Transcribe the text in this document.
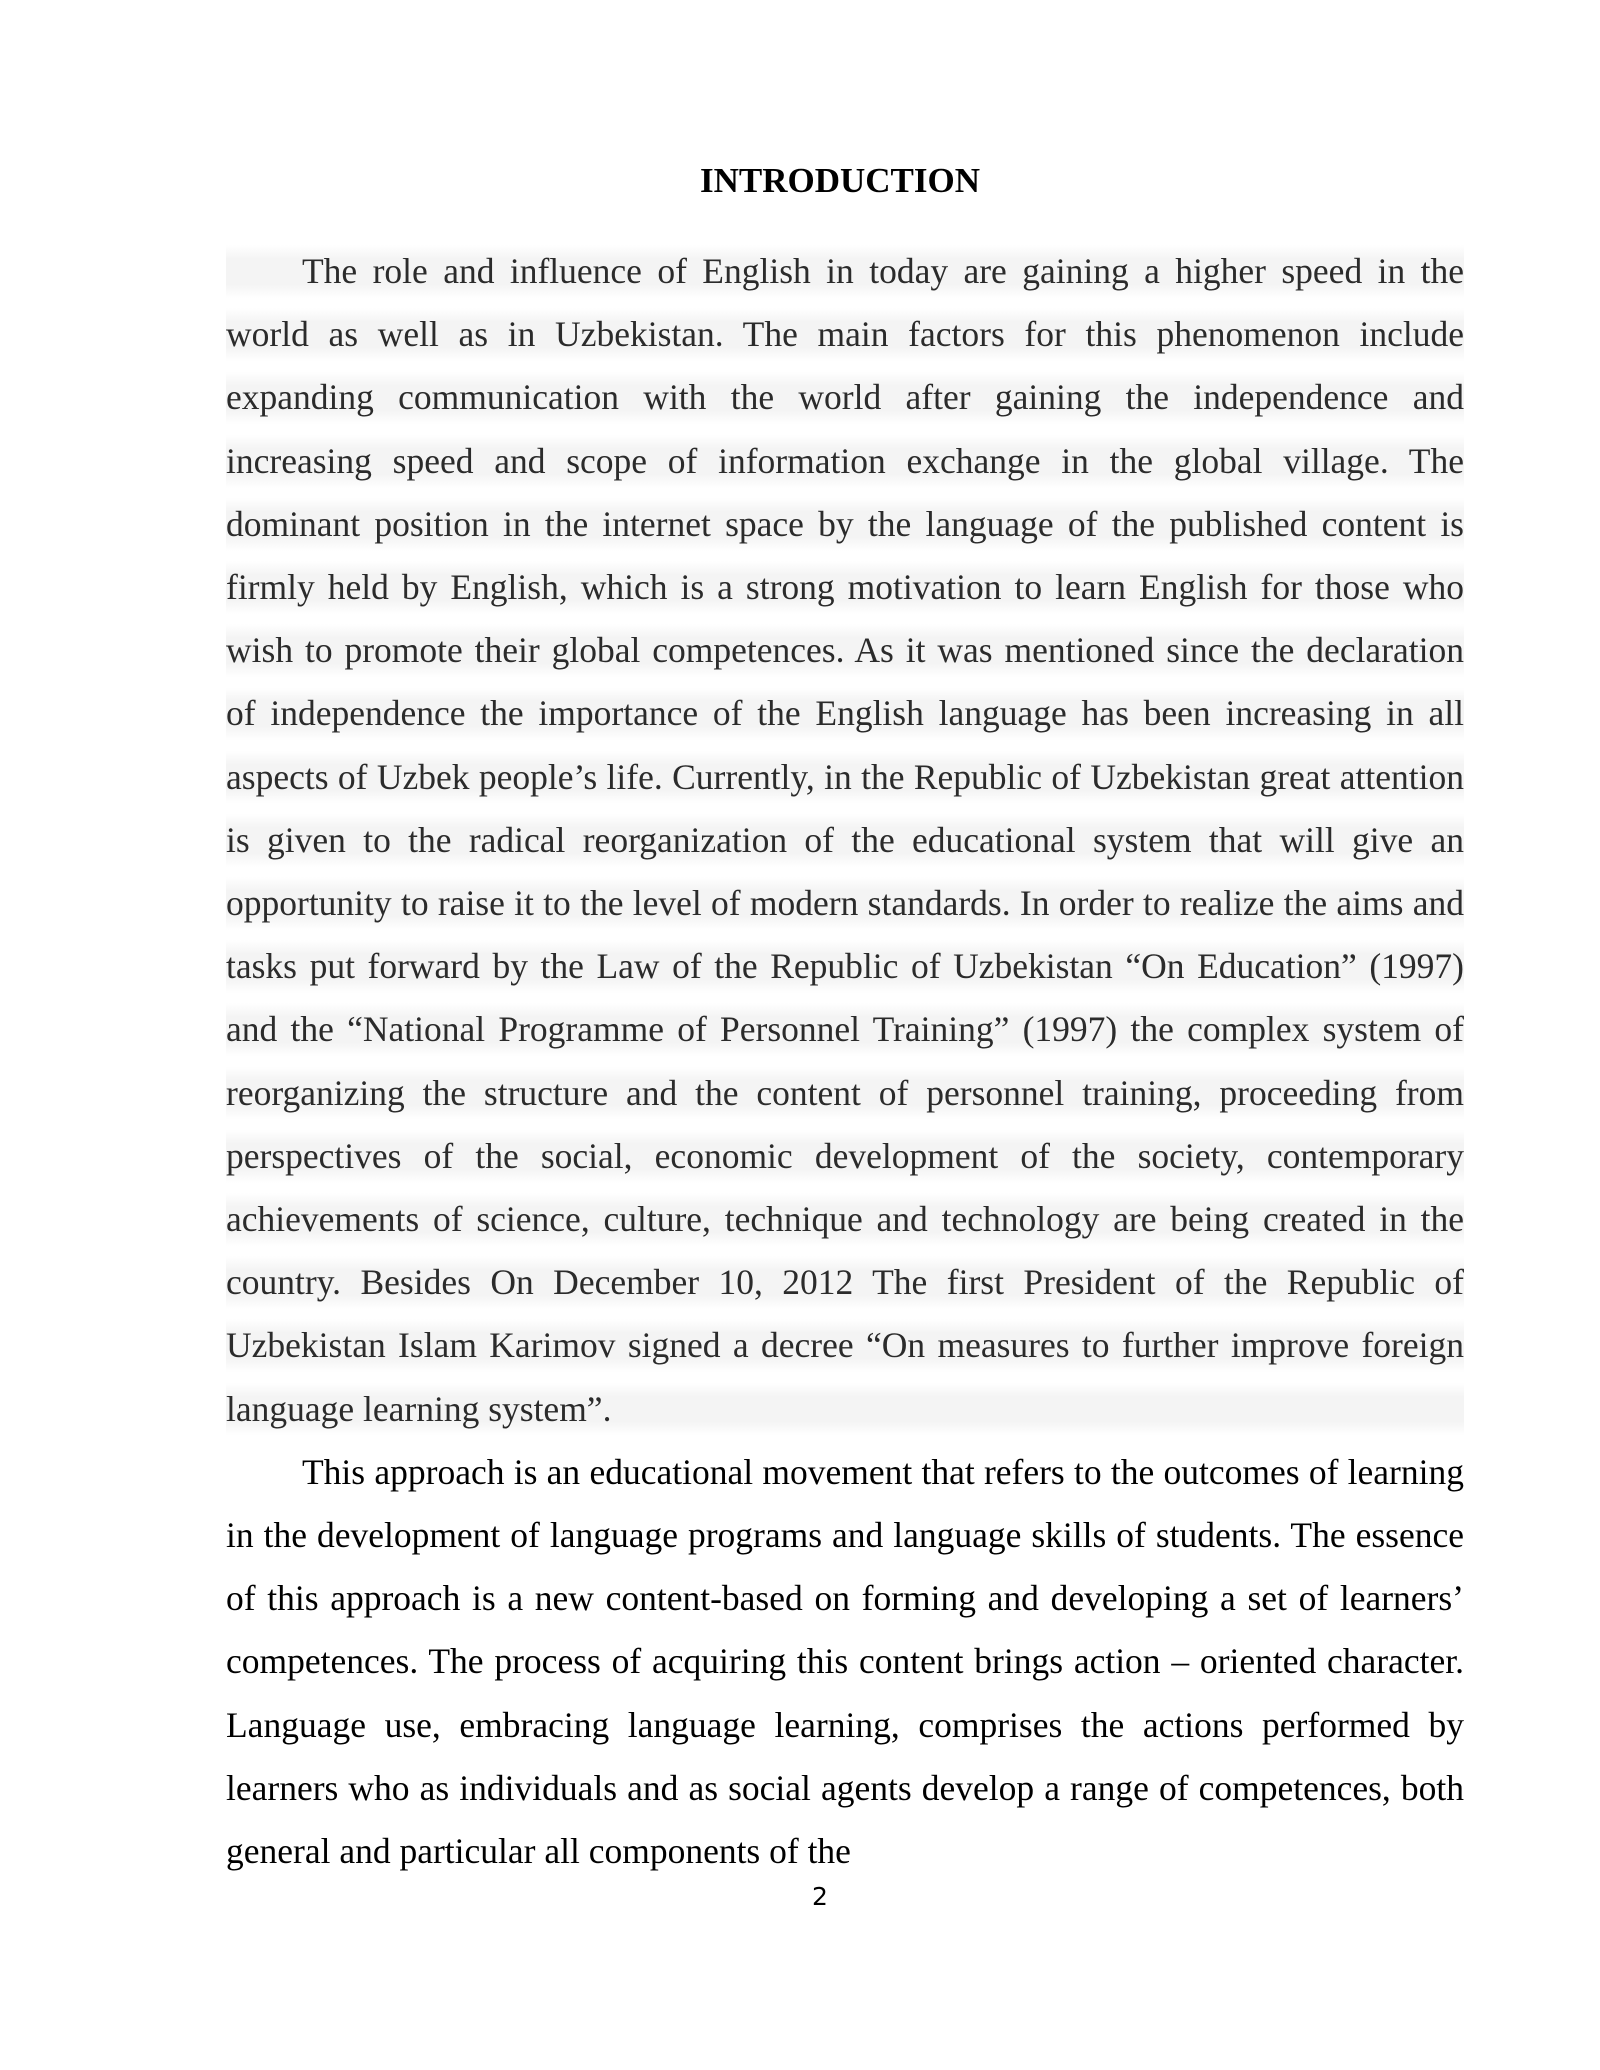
INTRODUCTION

The role and influence of English in today are gaining a higher speed in the world as well as in Uzbekistan. The main factors for this phenomenon include expanding communication with the world after gaining the independence and increasing speed and scope of information exchange in the global village. The dominant position in the internet space by the language of the published content is firmly held by English, which is a strong motivation to learn English for those who wish to promote their global competences. As it was mentioned since the declaration of independence the importance of the English language has been increasing in all aspects of Uzbek people’s life. Currently, in the Republic of Uzbekistan great attention is given to the radical reorganization of the educational system that will give an opportunity to raise it to the level of modern standards. In order to realize the aims and tasks put forward by the Law of the Republic of Uzbekistan “On Education” (1997) and the “National Programme of Personnel Training” (1997) the complex system of reorganizing the structure and the content of personnel training, proceeding from perspectives of the social, economic development of the society, contemporary achievements of science, culture, technique and technology are being created in the country. Besides On December 10, 2012 The first President of the Republic of Uzbekistan Islam Karimov signed a decree “On measures to further improve foreign language learning system”.

This approach is an educational movement that refers to the outcomes of learning in the development of language programs and language skills of students. The essence of this approach is a new content-based on forming and developing a set of learners’ competences. The process of acquiring this content brings action – oriented character. Language use, embracing language learning, comprises the actions performed by learners who as individuals and as social agents develop a range of competences, both general and particular all components of the

2
